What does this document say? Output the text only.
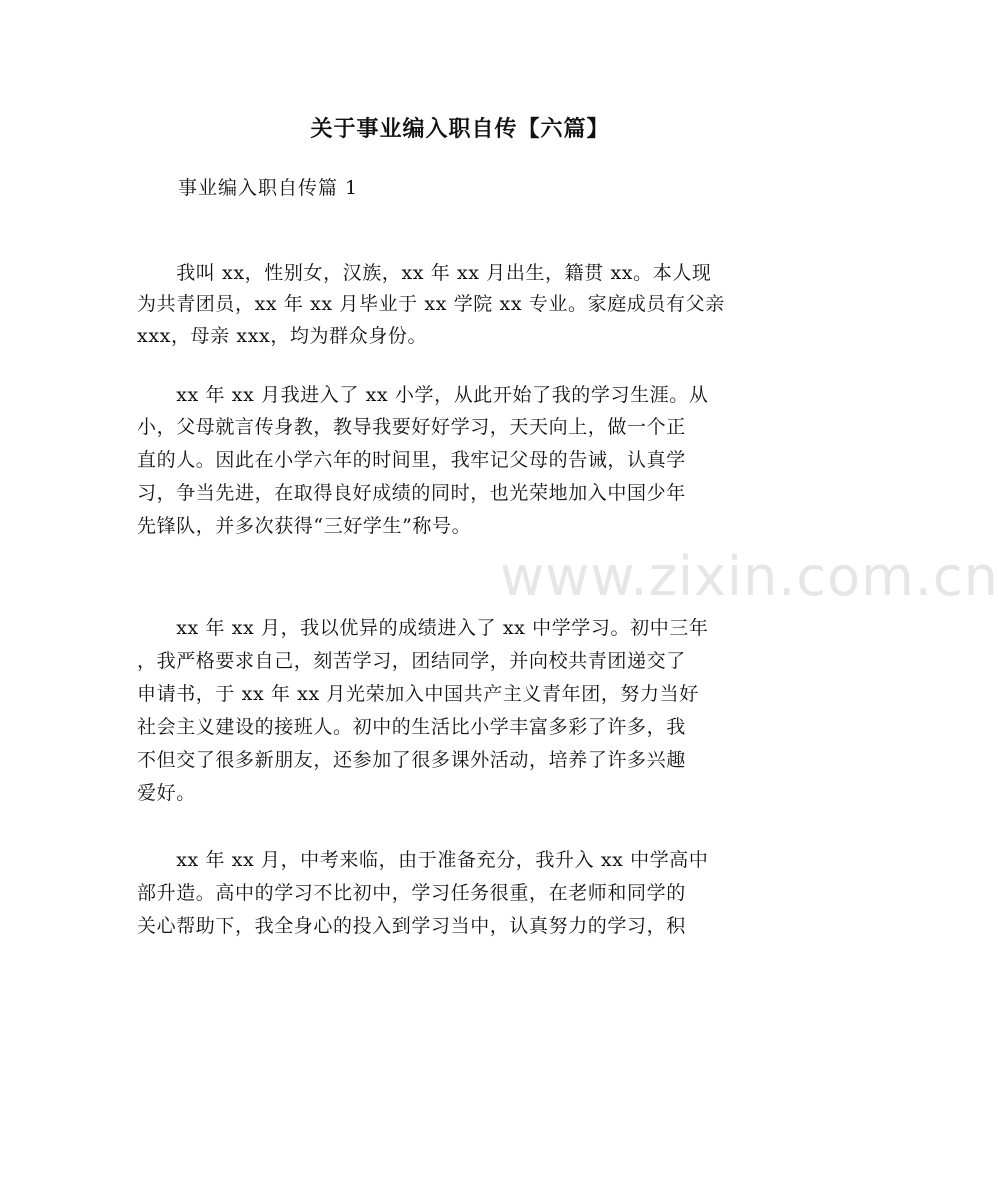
关于事业编入职自传【六篇】
事业编入职自传篇 1
　　我叫 xx，性别女，汉族，xx 年 xx 月出生，籍贯 xx。本人现
为共青团员，xx 年 xx 月毕业于 xx 学院 xx 专业。家庭成员有父亲
xxx，母亲 xxx，均为群众身份。
　　xx 年 xx 月我进入了 xx 小学，从此开始了我的学习生涯。从
小，父母就言传身教，教导我要好好学习，天天向上，做一个正
直的人。因此在小学六年的时间里，我牢记父母的告诫，认真学
习，争当先进，在取得良好成绩的同时，也光荣地加入中国少年
先锋队，并多次获得“三好学生”称号。
　　xx 年 xx 月，我以优异的成绩进入了 xx 中学学习。初中三年
，我严格要求自己，刻苦学习，团结同学，并向校共青团递交了
申请书，于 xx 年 xx 月光荣加入中国共产主义青年团，努力当好
社会主义建设的接班人。初中的生活比小学丰富多彩了许多，我
不但交了很多新朋友，还参加了很多课外活动，培养了许多兴趣
爱好。
　　xx 年 xx 月，中考来临，由于准备充分，我升入 xx 中学高中
部升造。高中的学习不比初中，学习任务很重，在老师和同学的
关心帮助下，我全身心的投入到学习当中，认真努力的学习，积
www.zixin.com.cn
